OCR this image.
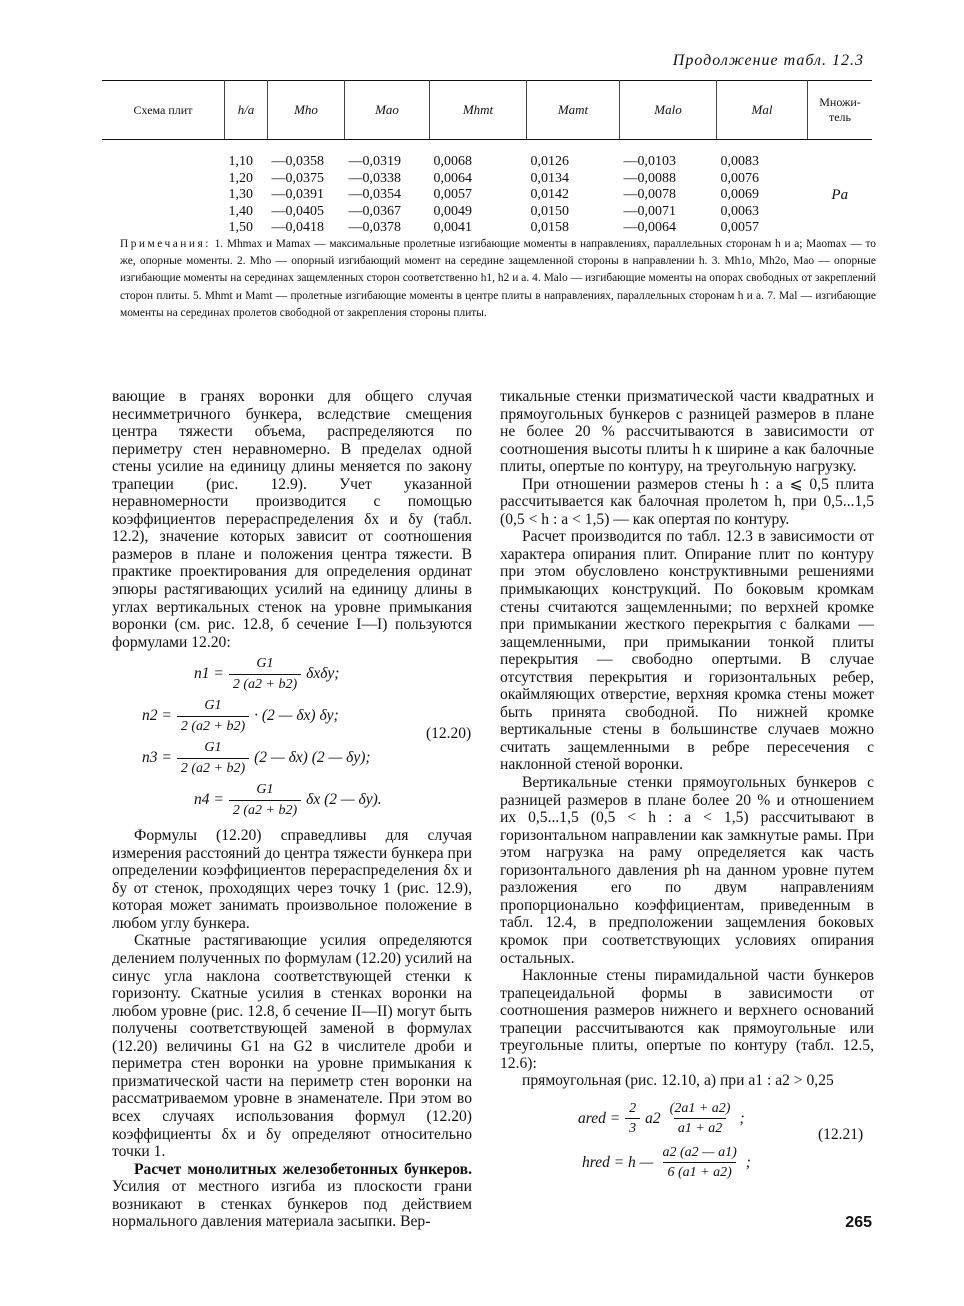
Продолжение табл. 12.3
Схема плит	h/a	Mho	Mao	Mhmt	Mamt	Malo	Mal	Множи-тель
	1,10	—0,0358	—0,0319	0,0068	0,0126	—0,0103	0,0083	Pa
	1,20	—0,0375	—0,0338	0,0064	0,0134	—0,0088	0,0076	
	1,30	—0,0391	—0,0354	0,0057	0,0142	—0,0078	0,0069	
	1,40	—0,0405	—0,0367	0,0049	0,0150	—0,0071	0,0063	
	1,50	—0,0418	—0,0378	0,0041	0,0158	—0,0064	0,0057	
Примечания: 1. Mhmax и Mamax — максимальные пролетные изгибающие моменты в направлениях, параллельных сторонам h и a; Maomax — то же, опорные моменты. 2. Mho — опорный изгибающий момент на середине защемленной стороны в направлении h. 3. Mh1o, Mh2o, Mao — опорные изгибающие моменты на серединах защемленных сторон соответственно h1, h2 и a. 4. Malo — изгибающие моменты на опорах свободных от закреплений сторон плиты. 5. Mhmt и Mamt — пролетные изгибающие моменты в центре плиты в направлениях, параллельных сторонам h и a. 7. Mal — изгибающие моменты на серединах пролетов свободной от закрепления стороны плиты.

вающие в гранях воронки для общего случая несимметричного бункера, вследствие смещения центра тяжести объема, распределяются по периметру стен неравномерно. В пределах одной стены усилие на единицу длины меняется по закону трапеции (рис. 12.9). Учет указанной неравномерности производится с помощью коэффициентов перераспределения δx и δy (табл. 12.2), значение которых зависит от соотношения размеров в плане и положения центра тяжести. В практике проектирования для определения ординат эпюры растягивающих усилий на единицу длины в углах вертикальных стенок на уровне примыкания воронки (см. рис. 12.8, б сечение I—I) пользуются формулами 12.20:

$n1 = \frac{G1}{2 (a2 + b2)} \delta x\delta y$;
$n2 = \frac{G1}{2 (a2 + b2)} \cdot (2$ — δx) δy;
(12.20)
$n3 = \frac{G1}{2 (a2 + b2)} (2$ — δx) (2 — δy);
$n4 = \frac{G1}{2 (a2 + b2)}$ δx (2 — δy).

Формулы (12.20) справедливы для случая измерения расстояний до центра тяжести бункера при определении коэффициентов перераспределения δx и δy от стенок, проходящих через точку 1 (рис. 12.9), которая может занимать произвольное положение в любом углу бункера.

Скатные растягивающие усилия определяются делением полученных по формулам (12.20) усилий на синус угла наклона соответствующей стенки к горизонту. Скатные усилия в стенках воронки на любом уровне (рис. 12.8, б сечение II—II) могут быть получены соответствующей заменой в формулах (12.20) величины G1 на G2 в числителе дроби и периметра стен воронки на уровне примыкания к призматической части на периметр стен воронки на рассматриваемом уровне в знаменателе. При этом во всех случаях использования формул (12.20) коэффициенты δx и δy определяют относительно точки 1.

Расчет монолитных железобетонных бункеров. Усилия от местного изгиба из плоскости грани возникают в стенках бункеров под действием нормального давления материала засыпки. Вер-

тикальные стенки призматической части квадратных и прямоугольных бункеров с разницей размеров в плане не более 20 % рассчитываются в зависимости от соотношения высоты плиты h к ширине a как балочные плиты, опертые по контуру, на треугольную нагрузку.

При отношении размеров стены h : a ⩽ 0,5 плита рассчитывается как балочная пролетом h, при 0,5...1,5 (0,5 < h : a < 1,5) — как опертая по контуру.

Расчет производится по табл. 12.3 в зависимости от характера опирания плит. Опирание плит по контуру при этом обусловлено конструктивными решениями примыкающих конструкций. По боковым кромкам стены считаются защемленными; по верхней кромке при примыкании жесткого перекрытия с балками — защемленными, при примыкании тонкой плиты перекрытия — свободно опертыми. В случае отсутствия перекрытия и горизонтальных ребер, окаймляющих отверстие, верхняя кромка стены может быть принята свободной. По нижней кромке вертикальные стены в большинстве случаев можно считать защемленными в ребре пересечения с наклонной стеной воронки.

Вертикальные стенки прямоугольных бункеров с разницей размеров в плане более 20 % и отношением их 0,5...1,5 (0,5 < h : a < 1,5) рассчитывают в горизонтальном направлении как замкнутые рамы. При этом нагрузка на раму определяется как часть горизонтального давления ph на данном уровне путем разложения его по двум направлениям пропорционально коэффициентам, приведенным в табл. 12.4, в предположении защемления боковых кромок при соответствующих условиях опирания остальных.

Наклонные стены пирамидальной части бункеров трапецеидальной формы в зависимости от соотношения размеров нижнего и верхнего оснований трапеции рассчитываются как прямоугольные или треугольные плиты, опертые по контуру (табл. 12.5, 12.6):

прямоугольная (рис. 12.10, а) при a1 : a2 > 0,25

ared = $\frac{2}{3} a2 \frac{(2a1 + a2)}{a1 + a2}$ ;
(12.21)
hred = h — $\frac{a2 (a2 — a1)}{6 (a1 + a2)}$ ;
265
